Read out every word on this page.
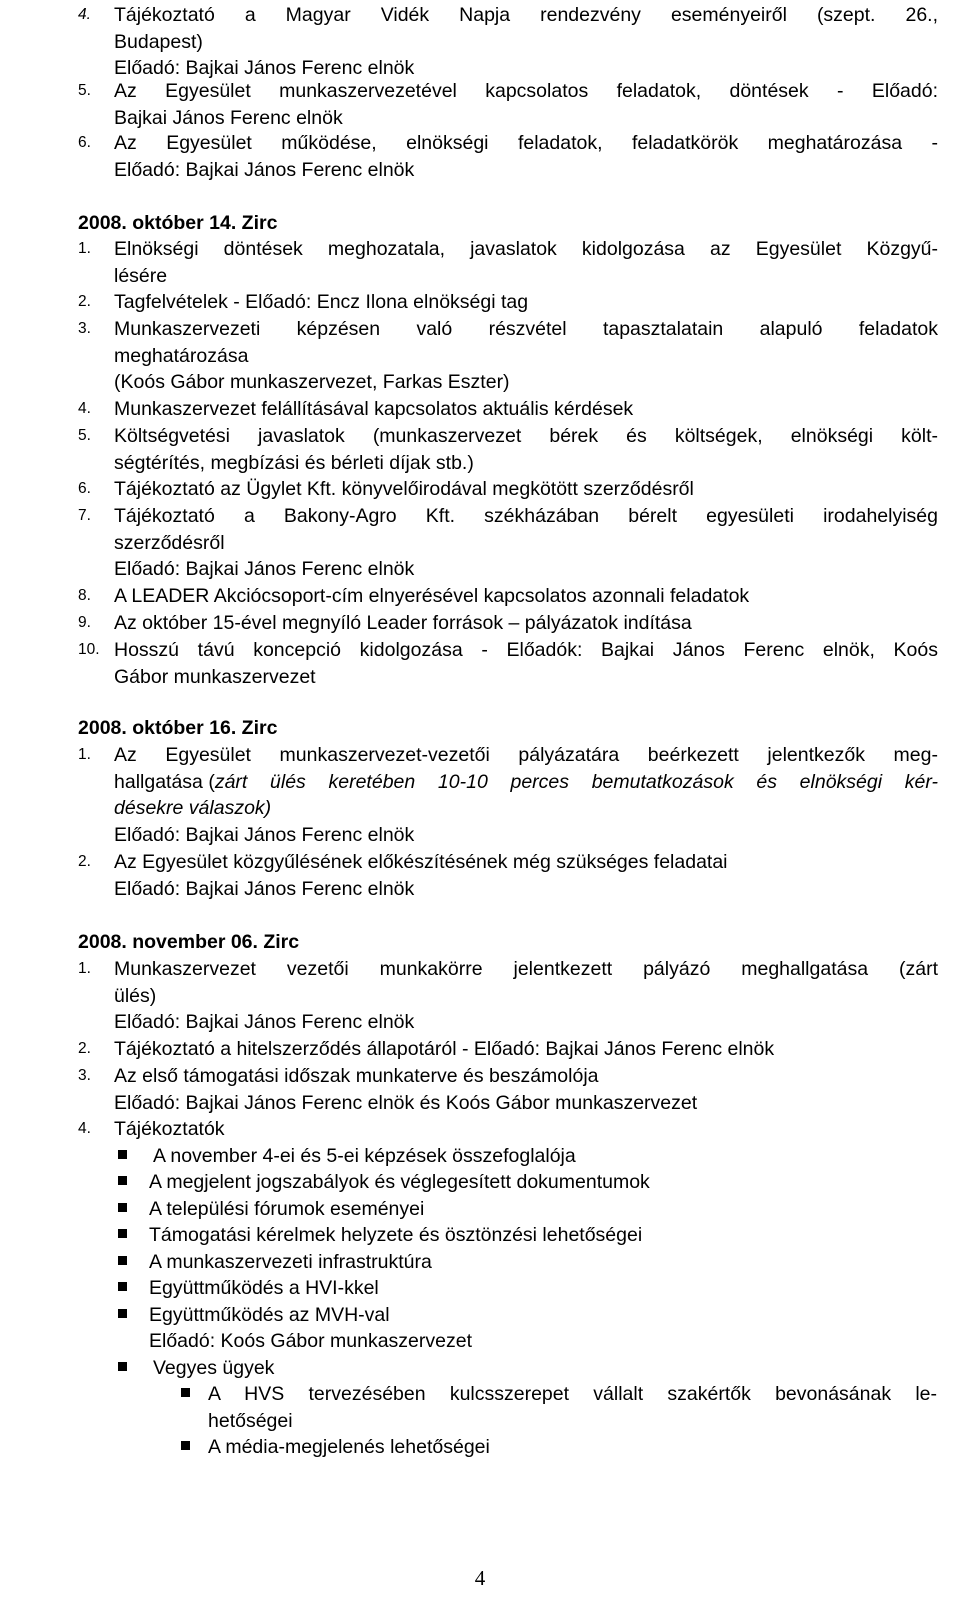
4.	Tájékoztató a Magyar Vidék Napja rendezvény eseményeiről (szept. 26.,
Budapest)
Előadó: Bajkai János Ferenc elnök
5.	Az Egyesület munkaszervezetével kapcsolatos feladatok, döntések - Előadó:
Bajkai János Ferenc elnök
6.	Az Egyesület működése, elnökségi feladatok, feladatkörök meghatározása -
Előadó: Bajkai János Ferenc elnök
2008. október 14. Zirc
1.	Elnökségi döntések meghozatala, javaslatok kidolgozása az Egyesület Közgyű-
lésére
2.	Tagfelvételek - Előadó: Encz Ilona elnökségi tag
3.	Munkaszervezeti képzésen való részvétel tapasztalatain alapuló feladatok
meghatározása
(Koós Gábor munkaszervezet, Farkas Eszter)
4.	Munkaszervezet felállításával kapcsolatos aktuális kérdések
5.	Költségvetési javaslatok (munkaszervezet bérek és költségek, elnökségi költ-
ségtérítés, megbízási és bérleti díjak stb.)
6.	Tájékoztató az Ügylet Kft. könyvelőirodával megkötött szerződésről
7.	Tájékoztató a Bakony-Agro Kft. székházában bérelt egyesületi irodahelyiség
szerződésről
Előadó: Bajkai János Ferenc elnök
8.	A LEADER Akciócsoport-cím elnyerésével kapcsolatos azonnali feladatok
9.	Az október 15-ével megnyíló Leader források – pályázatok indítása
10. Hosszú távú koncepció kidolgozása - Előadók: Bajkai János Ferenc elnök, Koós
Gábor munkaszervezet
2008. október 16. Zirc
1.	Az Egyesület munkaszervezet-vezetői pályázatára beérkezett jelentkezők meg-
hallgatása ( zárt ülés keretében 10-10 perces bemutatkozások és elnökségi kér-
désekre válaszok)
Előadó: Bajkai János Ferenc elnök
2.	Az Egyesület közgyűlésének előkészítésének még szükséges feladatai
Előadó: Bajkai János Ferenc elnök
2008. november 06. Zirc
1.	Munkaszervezet vezetői munkakörre jelentkezett pályázó meghallgatása (zárt
ülés)
Előadó: Bajkai János Ferenc elnök
2.	Tájékoztató a hitelszerződés állapotáról - Előadó: Bajkai János Ferenc elnök
3.	Az első támogatási időszak munkaterve és beszámolója
Előadó: Bajkai János Ferenc elnök és Koós Gábor munkaszervezet
4.	Tájékoztatók
A november 4-ei és 5-ei képzések összefoglalója
A megjelent jogszabályok és véglegesített dokumentumok
A települési fórumok eseményei
Támogatási kérelmek helyzete és ösztönzési lehetőségei
A munkaszervezeti infrastruktúra
Együttműködés a HVI-kkel
Együttműködés az MVH-val
Előadó: Koós Gábor munkaszervezet
Vegyes ügyek
A HVS tervezésében kulcsszerepet vállalt szakértők bevonásának le-
hetőségei
A média-megjelenés lehetőségei
4
